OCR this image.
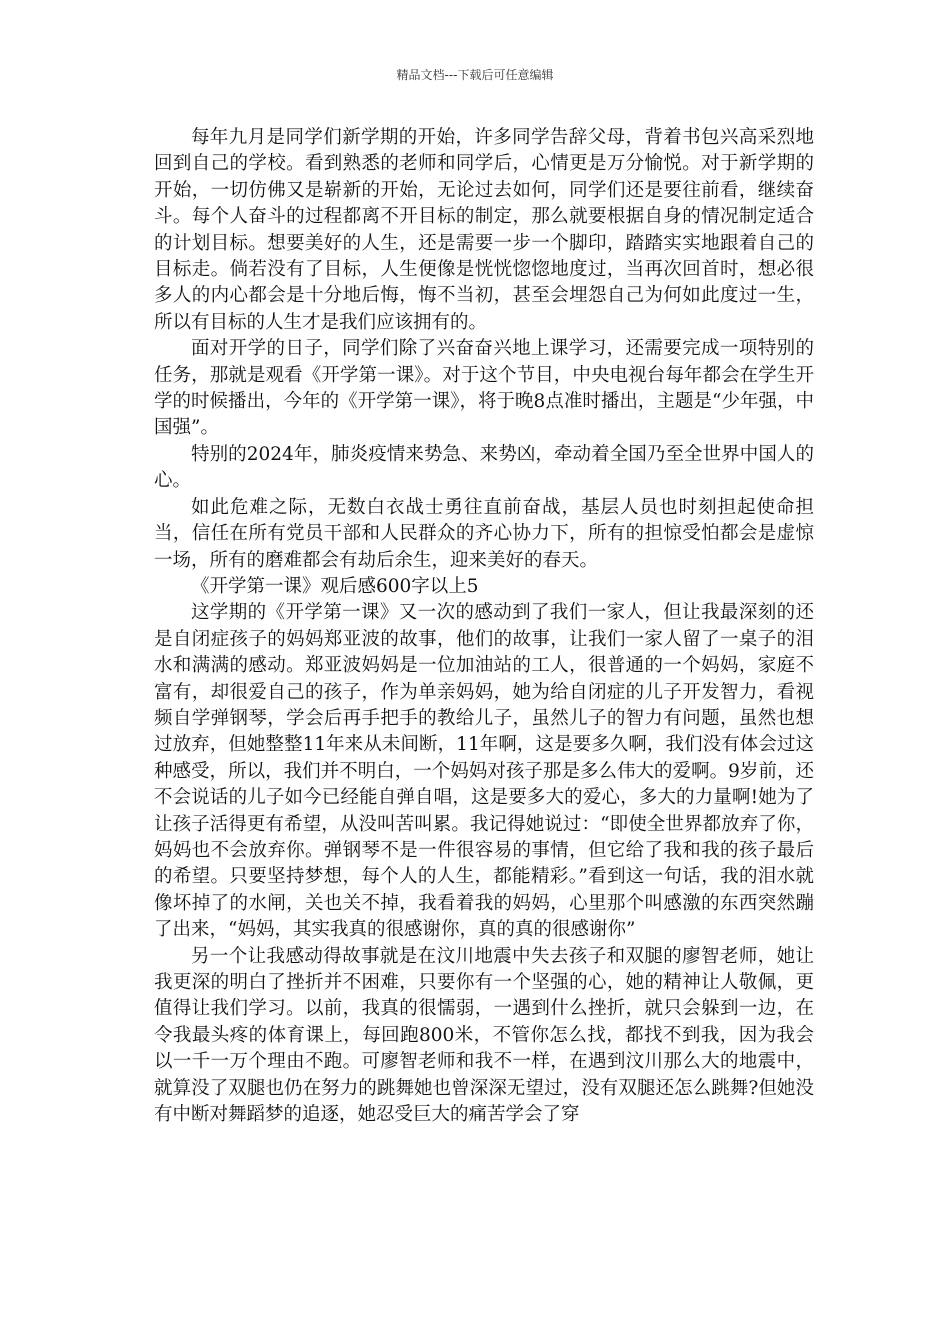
精品文档---下载后可任意编辑

每年九月是同学们新学期的开始，许多同学告辞父母，背着书包兴高采烈地回到自己的学校。看到熟悉的老师和同学后，心情更是万分愉悦。对于新学期的开始，一切仿佛又是崭新的开始，无论过去如何，同学们还是要往前看，继续奋斗。每个人奋斗的过程都离不开目标的制定，那么就要根据自身的情况制定适合的计划目标。想要美好的人生，还是需要一步一个脚印，踏踏实实地跟着自己的目标走。倘若没有了目标，人生便像是恍恍惚惚地度过，当再次回首时，想必很多人的内心都会是十分地后悔，悔不当初，甚至会埋怨自己为何如此度过一生，所以有目标的人生才是我们应该拥有的。

面对开学的日子，同学们除了兴奋奋兴地上课学习，还需要完成一项特别的任务，那就是观看《开学第一课》。对于这个节目，中央电视台每年都会在学生开学的时候播出，今年的《开学第一课》，将于晚8点准时播出，主题是“少年强，中国强”。

特别的2024年，肺炎疫情来势急、来势凶，牵动着全国乃至全世界中国人的心。

如此危难之际，无数白衣战士勇往直前奋战，基层人员也时刻担起使命担当，信任在所有党员干部和人民群众的齐心协力下，所有的担惊受怕都会是虚惊一场，所有的磨难都会有劫后余生，迎来美好的春天。

《开学第一课》观后感600字以上5

这学期的《开学第一课》又一次的感动到了我们一家人，但让我最深刻的还是自闭症孩子的妈妈郑亚波的故事，他们的故事，让我们一家人留了一桌子的泪水和满满的感动。郑亚波妈妈是一位加油站的工人，很普通的一个妈妈，家庭不富有，却很爱自己的孩子，作为单亲妈妈，她为给自闭症的儿子开发智力，看视频自学弹钢琴，学会后再手把手的教给儿子，虽然儿子的智力有问题，虽然也想过放弃，但她整整11年来从未间断，11年啊，这是要多久啊，我们没有体会过这种感受，所以，我们并不明白，一个妈妈对孩子那是多么伟大的爱啊。9岁前，还不会说话的儿子如今已经能自弹自唱，这是要多大的爱心，多大的力量啊!她为了让孩子活得更有希望，从没叫苦叫累。我记得她说过：“即使全世界都放弃了你，妈妈也不会放弃你。弹钢琴不是一件很容易的事情，但它给了我和我的孩子最后的希望。只要坚持梦想，每个人的人生，都能精彩。”看到这一句话，我的泪水就像坏掉了的水闸，关也关不掉，我看着我的妈妈，心里那个叫感激的东西突然蹦了出来，“妈妈，其实我真的很感谢你，真的真的很感谢你”

另一个让我感动得故事就是在汶川地震中失去孩子和双腿的廖智老师，她让我更深的明白了挫折并不困难，只要你有一个坚强的心，她的精神让人敬佩，更值得让我们学习。以前，我真的很懦弱，一遇到什么挫折，就只会躲到一边，在令我最头疼的体育课上，每回跑800米，不管你怎么找，都找不到我，因为我会以一千一万个理由不跑。可廖智老师和我不一样，在遇到汶川那么大的地震中，就算没了双腿也仍在努力的跳舞她也曾深深无望过，没有双腿还怎么跳舞?但她没有中断对舞蹈梦的追逐，她忍受巨大的痛苦学会了穿
